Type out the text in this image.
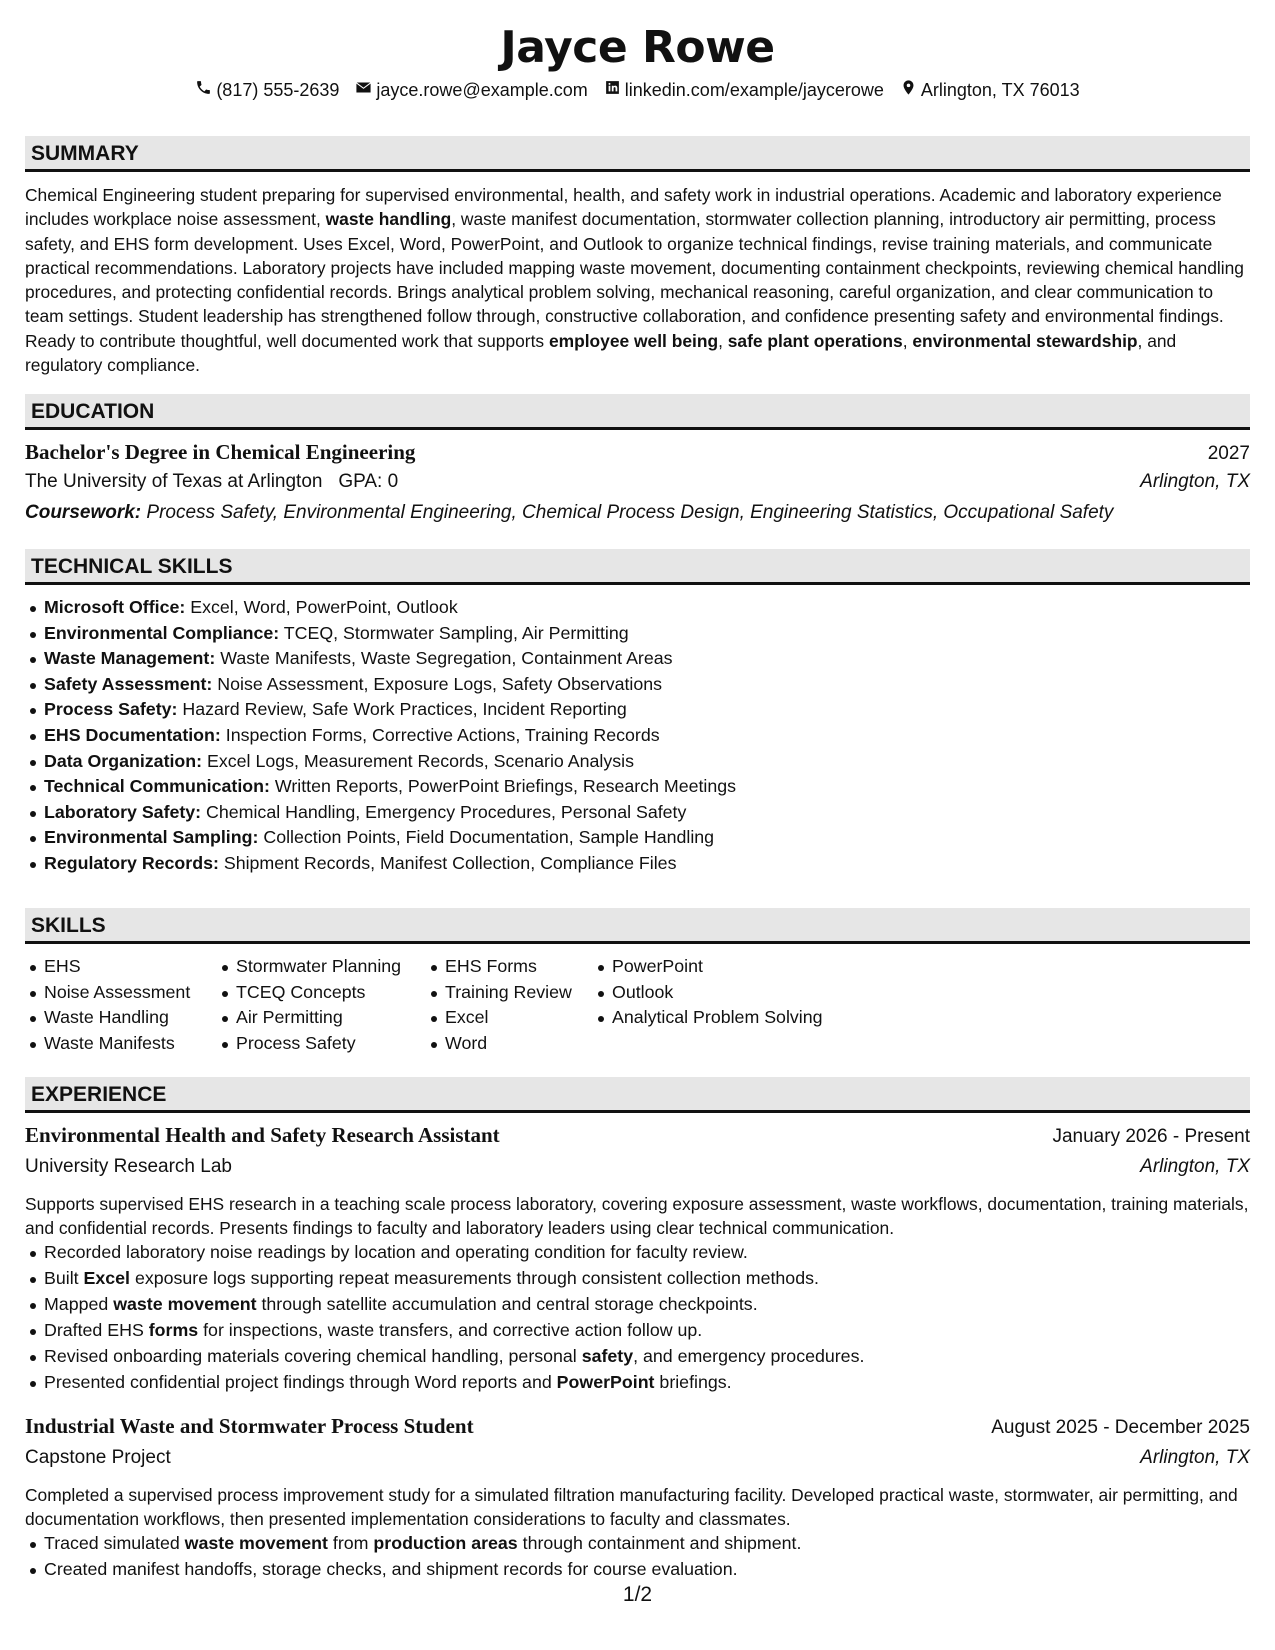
Jayce Rowe
(817) 555-2639 jayce.rowe@example.com linkedin.com/example/jaycerowe Arlington, TX 76013
SUMMARY

Chemical Engineering student preparing for supervised environmental, health, and safety work in industrial operations. Academic and laboratory experience includes workplace noise assessment, waste handling, waste manifest documentation, stormwater collection planning, introductory air permitting, process safety, and EHS form development. Uses Excel, Word, PowerPoint, and Outlook to organize technical findings, revise training materials, and communicate practical recommendations. Laboratory projects have included mapping waste movement, documenting containment checkpoints, reviewing chemical handling procedures, and protecting confidential records. Brings analytical problem solving, mechanical reasoning, careful organization, and clear communication to team settings. Student leadership has strengthened follow through, constructive collaboration, and confidence presenting safety and environmental findings. Ready to contribute thoughtful, well documented work that supports employee well being, safe plant operations, environmental stewardship, and regulatory compliance.

EDUCATION
Bachelor's Degree in Chemical Engineering	2027
The University of Texas at Arlington GPA: 0	Arlington, TX
Coursework: Process Safety, Environmental Engineering, Chemical Process Design, Engineering Statistics, Occupational Safety
TECHNICAL SKILLS
Microsoft Office: Excel, Word, PowerPoint, Outlook
Environmental Compliance: TCEQ, Stormwater Sampling, Air Permitting
Waste Management: Waste Manifests, Waste Segregation, Containment Areas
Safety Assessment: Noise Assessment, Exposure Logs, Safety Observations
Process Safety: Hazard Review, Safe Work Practices, Incident Reporting
EHS Documentation: Inspection Forms, Corrective Actions, Training Records
Data Organization: Excel Logs, Measurement Records, Scenario Analysis
Technical Communication: Written Reports, PowerPoint Briefings, Research Meetings
Laboratory Safety: Chemical Handling, Emergency Procedures, Personal Safety
Environmental Sampling: Collection Points, Field Documentation, Sample Handling
Regulatory Records: Shipment Records, Manifest Collection, Compliance Files
SKILLS
EHS
Noise Assessment
Waste Handling
Waste Manifests
Stormwater Planning
TCEQ Concepts
Air Permitting
Process Safety
EHS Forms
Training Review
Excel
Word
PowerPoint
Outlook
Analytical Problem Solving
EXPERIENCE
Environmental Health and Safety Research Assistant	January 2026 - Present
University Research Lab	Arlington, TX

Supports supervised EHS research in a teaching scale process laboratory, covering exposure assessment, waste workflows, documentation, training materials, and confidential records. Presents findings to faculty and laboratory leaders using clear technical communication.

Recorded laboratory noise readings by location and operating condition for faculty review.
Built Excel exposure logs supporting repeat measurements through consistent collection methods.
Mapped waste movement through satellite accumulation and central storage checkpoints.
Drafted EHS forms for inspections, waste transfers, and corrective action follow up.
Revised onboarding materials covering chemical handling, personal safety, and emergency procedures.
Presented confidential project findings through Word reports and PowerPoint briefings.
Industrial Waste and Stormwater Process Student	August 2025 - December 2025
Capstone Project	Arlington, TX

Completed a supervised process improvement study for a simulated filtration manufacturing facility. Developed practical waste, stormwater, air permitting, and documentation workflows, then presented implementation considerations to faculty and classmates.

Traced simulated waste movement from production areas through containment and shipment.
Created manifest handoffs, storage checks, and shipment records for course evaluation.
1/2
